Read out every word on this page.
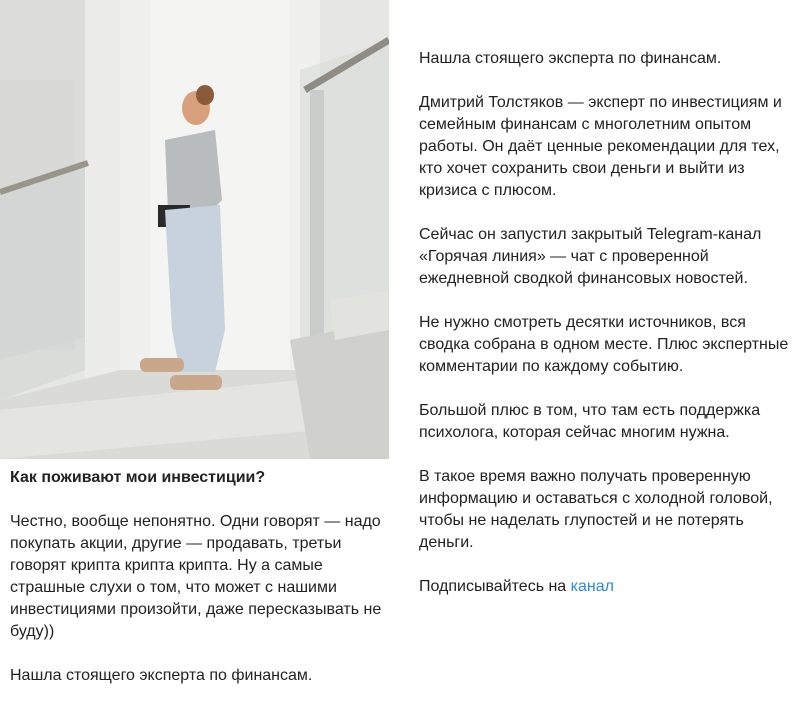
Как поживают мои инвестиции?

Честно, вообще непонятно. Одни говорят — надо покупать акции, другие — продавать, третьи говорят крипта крипта крипта. Ну а самые страшные слухи о том, что может с нашими инвестициями произойти, даже пересказывать не буду))

Нашла стоящего эксперта по финансам.

Нашла стоящего эксперта по финансам.

Дмитрий Толстяков — эксперт по инвестициям и семейным финансам с многолетним опытом работы. Он даёт ценные рекомендации для тех, кто хочет сохранить свои деньги и выйти из кризиса с плюсом.

Сейчас он запустил закрытый Telegram-канал «Горячая линия» — чат с проверенной ежедневной сводкой финансовых новостей.

Не нужно смотреть десятки источников, вся сводка собрана в одном месте. Плюс экспертные комментарии по каждому событию.

Большой плюс в том, что там есть поддержка психолога, которая сейчас многим нужна.

В такое время важно получать проверенную информацию и оставаться с холодной головой, чтобы не наделать глупостей и не потерять деньги.

Подписывайтесь на канал
